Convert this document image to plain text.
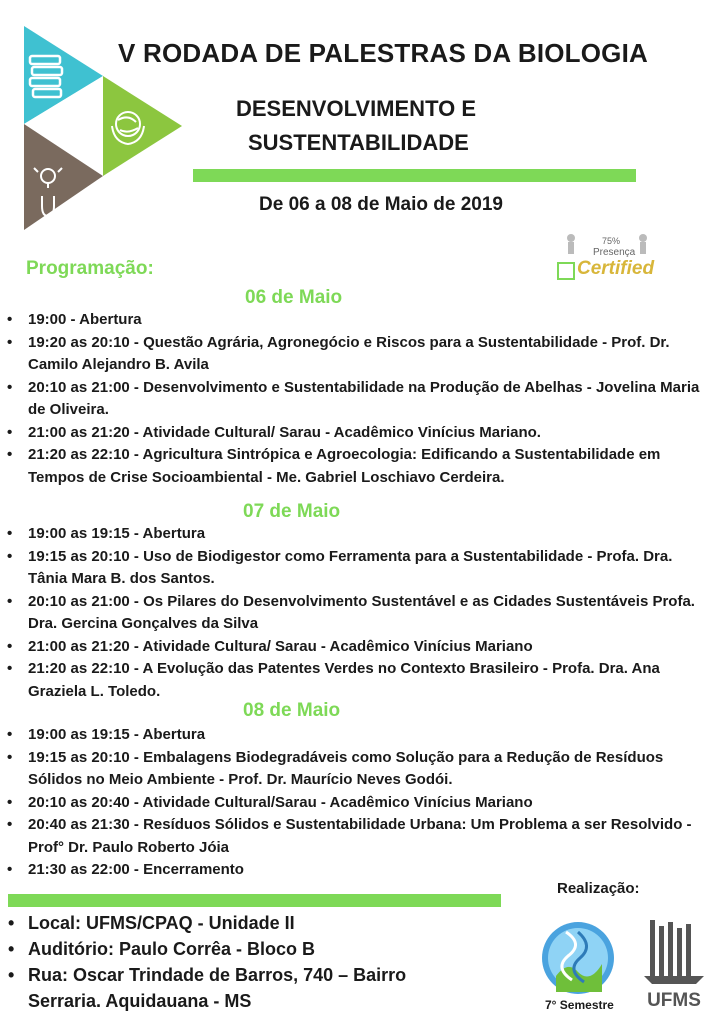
V RODADA DE PALESTRAS DA BIOLOGIA
DESENVOLVIMENTO E
SUSTENTABILIDADE
De 06 a 08 de Maio de 2019
75%
Presença
Certified
Programação:
06 de Maio
• 19:00 - Abertura
• 19:20 as 20:10 - Questão Agrária, Agronegócio e Riscos para a Sustentabilidade - Prof. Dr. Camilo Alejandro B. Avila
• 20:10 as 21:00 - Desenvolvimento e Sustentabilidade na Produção de Abelhas - Jovelina Maria de Oliveira.
• 21:00 as 21:20 - Atividade Cultural/ Sarau - Acadêmico Vinícius Mariano.
• 21:20 as 22:10 - Agricultura Sintrópica e Agroecologia: Edificando a Sustentabilidade em Tempos de Crise Socioambiental - Me. Gabriel Loschiavo Cerdeira.
07 de Maio
• 19:00 as 19:15 - Abertura
• 19:15 as 20:10 - Uso de Biodigestor como Ferramenta para a Sustentabilidade - Profa. Dra. Tânia Mara B. dos Santos.
• 20:10 as 21:00 - Os Pilares do Desenvolvimento Sustentável e as Cidades Sustentáveis Profa. Dra. Gercina Gonçalves da Silva
• 21:00 as 21:20 - Atividade Cultura/ Sarau - Acadêmico Vinícius Mariano
• 21:20 as 22:10 - A Evolução das Patentes Verdes no Contexto Brasileiro - Profa. Dra. Ana Graziela L. Toledo.
08 de Maio
• 19:00 as 19:15 - Abertura
• 19:15 as 20:10 - Embalagens Biodegradáveis como Solução para a Redução de Resíduos Sólidos no Meio Ambiente - Prof. Dr. Maurício Neves Godói.
• 20:10 as 20:40 - Atividade Cultural/Sarau - Acadêmico Vinícius Mariano
• 20:40 as 21:30 - Resíduos Sólidos e Sustentabilidade Urbana: Um Problema a ser Resolvido - Prof° Dr. Paulo Roberto Jóia
• 21:30 as 22:00 - Encerramento
• Local: UFMS/CPAQ - Unidade II
• Auditório: Paulo Corrêa - Bloco B
• Rua: Oscar Trindade de Barros, 740 – Bairro Serraria. Aquidauana - MS
Realização:
7° Semestre UFMS
